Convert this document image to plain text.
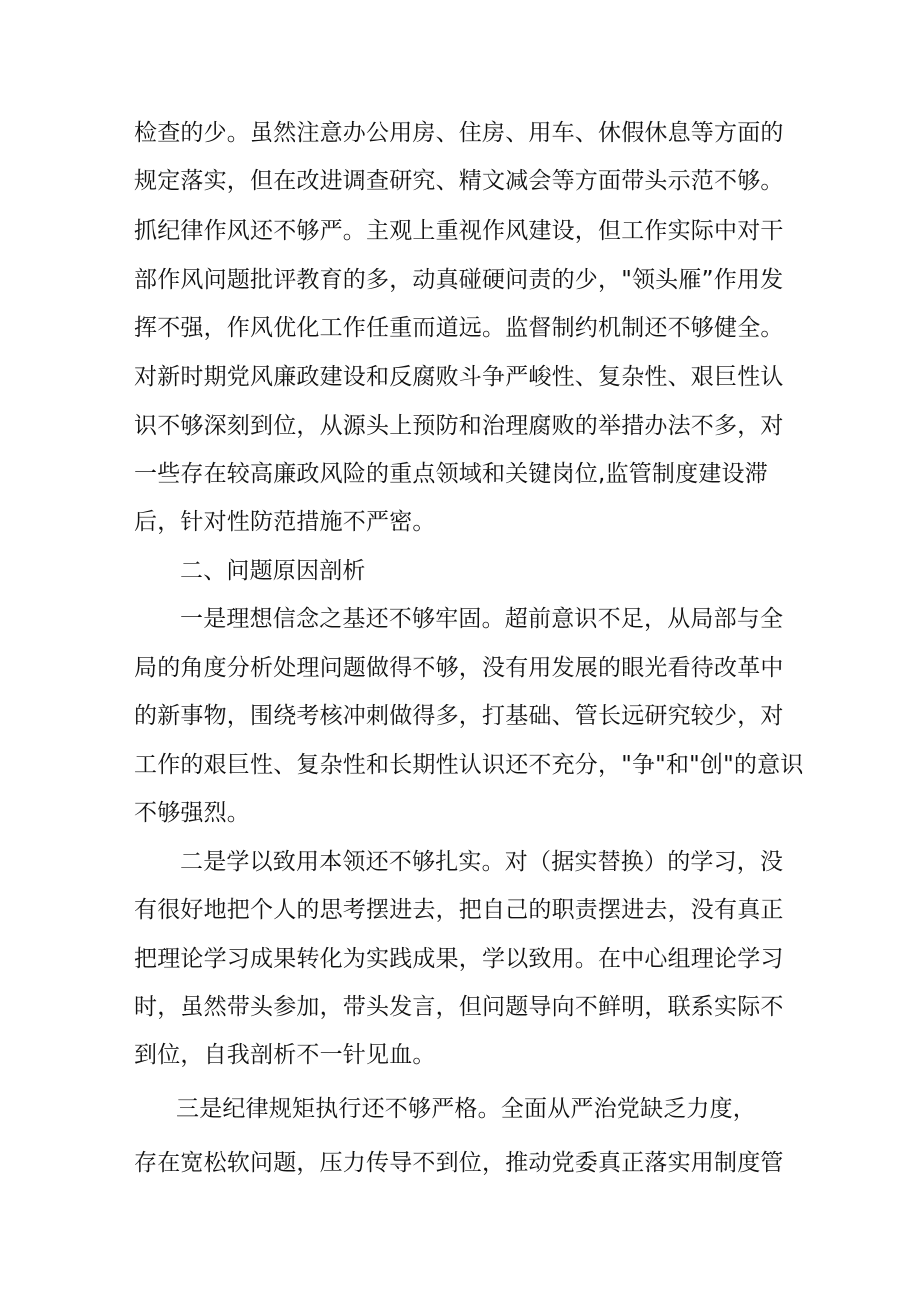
检查的少。虽然注意办公用房、住房、用车、休假休息等方面的
规定落实，但在改进调查研究、精文减会等方面带头示范不够。
抓纪律作风还不够严。主观上重视作风建设，但工作实际中对干
部作风问题批评教育的多，动真碰硬问责的少，"领头雁”作用发
挥不强，作风优化工作任重而道远。监督制约机制还不够健全。
对新时期党风廉政建设和反腐败斗争严峻性、复杂性、艰巨性认
识不够深刻到位，从源头上预防和治理腐败的举措办法不多，对
一些存在较高廉政风险的重点领域和关键岗位,监管制度建设滞
后，针对性防范措施不严密。
二、问题原因剖析
一是理想信念之基还不够牢固。超前意识不足，从局部与全
局的角度分析处理问题做得不够，没有用发展的眼光看待改革中
的新事物，围绕考核冲刺做得多，打基础、管长远研究较少，对
工作的艰巨性、复杂性和长期性认识还不充分，"争"和"创"的意识
不够强烈。
二是学以致用本领还不够扎实。对（据实替换）的学习，没
有很好地把个人的思考摆进去，把自己的职责摆进去，没有真正
把理论学习成果转化为实践成果，学以致用。在中心组理论学习
时，虽然带头参加，带头发言，但问题导向不鲜明，联系实际不
到位，自我剖析不一针见血。
三是纪律规矩执行还不够严格。全面从严治党缺乏力度，
存在宽松软问题，压力传导不到位，推动党委真正落实用制度管
